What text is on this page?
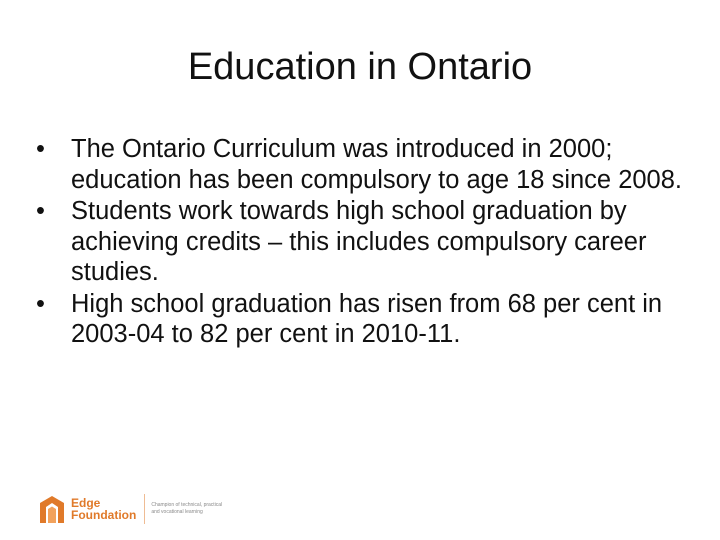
Education in Ontario
•	The Ontario Curriculum was introduced in 2000; education has been compulsory to age 18 since 2008.
•	Students work towards high school graduation by achieving credits – this includes compulsory career studies.
•	High school graduation has risen from 68 per cent in 2003-04 to 82 per cent in 2010-11.
Edge
Foundation
Champion of technical, practical
and vocational learning
